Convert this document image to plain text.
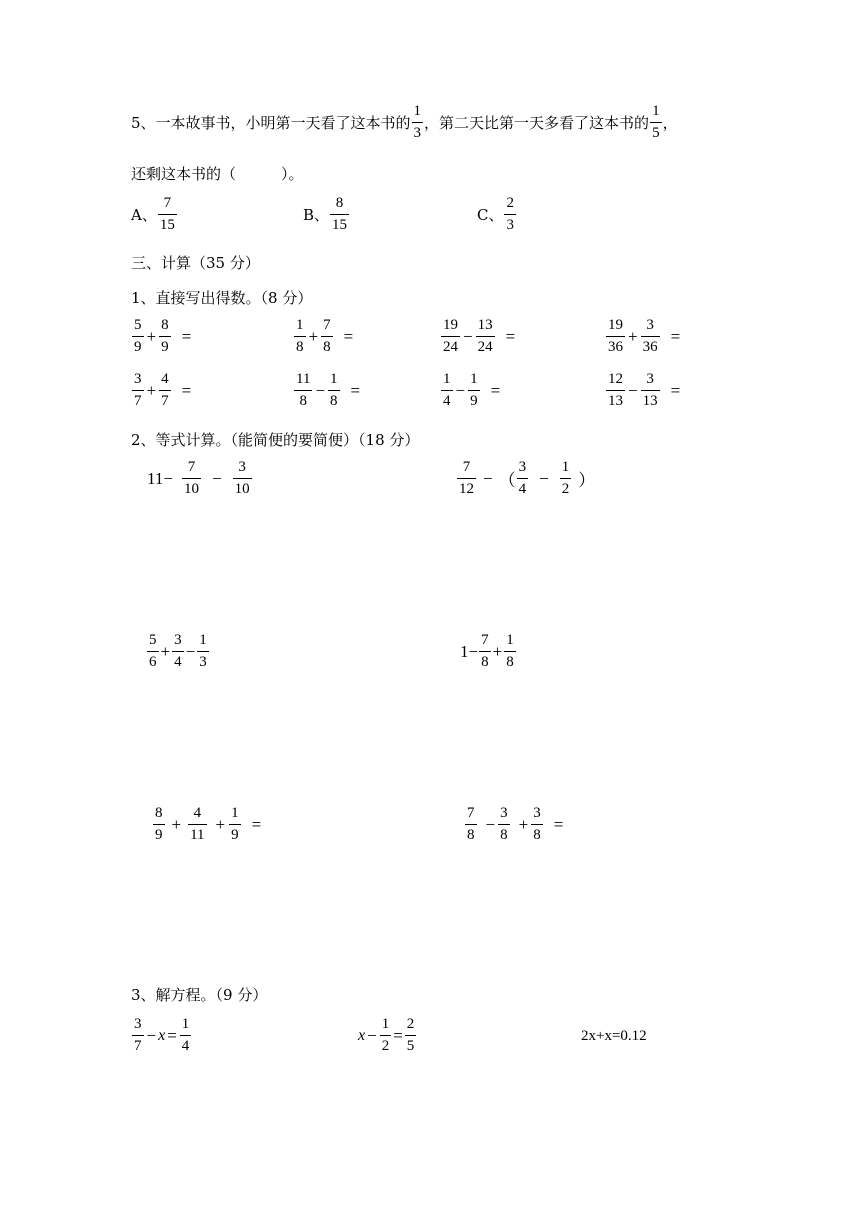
5、一本故事书，小明第一天看了这本书的 $\frac{1}{3}$ ，第二天比第一天多看了这本书的 $\frac{1}{5}$ ，
还剩这本书的（　　　）。
A、 $\frac{7}{15}$	B、 $\frac{8}{15}$	C、 $\frac{2}{3}$
三、计算（35 分）
1、直接写出得数。（8 分）
$\frac{5}{9} + \frac{8}{9}$ =	$\frac{1}{8} + \frac{7}{8}$ =	$\frac{19}{24} - \frac{13}{24}$ =	$\frac{19}{36} + \frac{3}{36}$ =
$\frac{3}{7} + \frac{4}{7}$ =	$\frac{11}{8} - \frac{1}{8}$ =	$\frac{1}{4} - \frac{1}{9}$ =	$\frac{12}{13} - \frac{3}{13}$ =
2、等式计算。（能简便的要简便）（18 分）
$11- \frac{7}{10} - \frac{3}{10}$	$\frac{7}{12}$ − （ $\frac{3}{4} - \frac{1}{2}$ ）
$\frac{5}{6} + \frac{3}{4} - \frac{1}{3}$	$1- \frac{7}{8} + \frac{1}{8}$
$\frac{8}{9} + \frac{4}{11} + \frac{1}{9}$ =	$\frac{7}{8} - \frac{3}{8} + \frac{3}{8}$ =
3、解方程。（9 分）
$\frac{3}{7} - x = \frac{1}{4}$	$x - \frac{1}{2} = \frac{2}{5}$	2x+x=0.12
